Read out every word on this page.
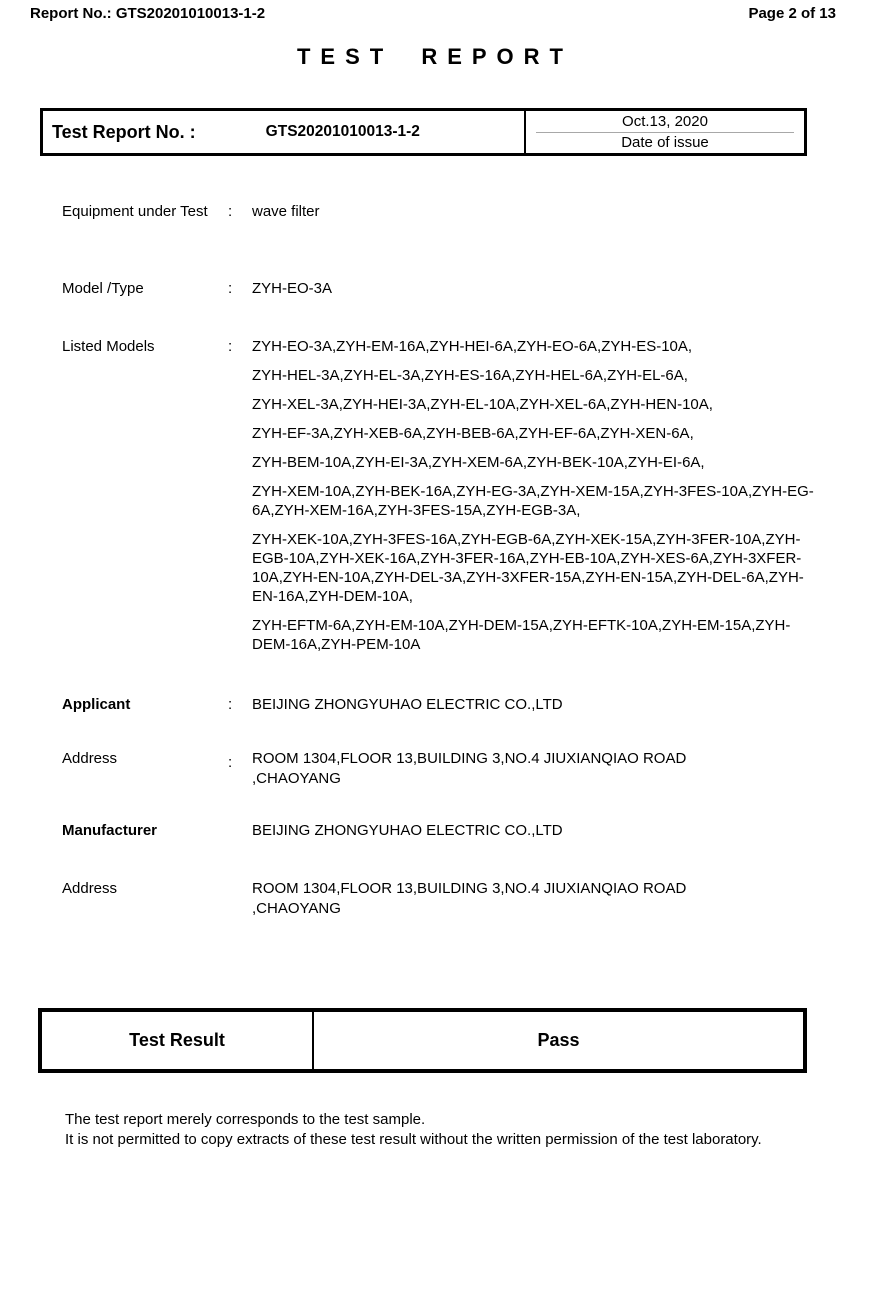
Report No.: GTS20201010013-1-2	Page 2 of 13
TEST REPORT
Test Report No. :	GTS20201010013-1-2
Oct.13, 2020
Date of issue
Equipment under Test	: wave filter
Model /Type	: ZYH-EO-3A
Listed Models	: ZYH-EO-3A,ZYH-EM-16A,ZYH-HEI-6A,ZYH-EO-6A,ZYH-ES-10A,

ZYH-HEL-3A,ZYH-EL-3A,ZYH-ES-16A,ZYH-HEL-6A,ZYH-EL-6A,

ZYH-XEL-3A,ZYH-HEI-3A,ZYH-EL-10A,ZYH-XEL-6A,ZYH-HEN-10A,

ZYH-EF-3A,ZYH-XEB-6A,ZYH-BEB-6A,ZYH-EF-6A,ZYH-XEN-6A,

ZYH-BEM-10A,ZYH-EI-3A,ZYH-XEM-6A,ZYH-BEK-10A,ZYH-EI-6A,

ZYH-XEM-10A,ZYH-BEK-16A,ZYH-EG-3A,ZYH-XEM-15A,ZYH-3FES-10A,ZYH-EG-6A,ZYH-XEM-16A,ZYH-3FES-15A,ZYH-EGB-3A,

ZYH-XEK-10A,ZYH-3FES-16A,ZYH-EGB-6A,ZYH-XEK-15A,ZYH-3FER-10A,ZYH-EGB-10A,ZYH-XEK-16A,ZYH-3FER-16A,ZYH-EB-10A,ZYH-XES-6A,ZYH-3XFER-10A,ZYH-EN-10A,ZYH-DEL-3A,ZYH-3XFER-15A,ZYH-EN-15A,ZYH-DEL-6A,ZYH-EN-16A,ZYH-DEM-10A,

ZYH-EFTM-6A,ZYH-EM-10A,ZYH-DEM-15A,ZYH-EFTK-10A,ZYH-EM-15A,ZYH-DEM-16A,ZYH-PEM-10A

Applicant	: BEIJING ZHONGYUHAO ELECTRIC CO.,LTD
Address	: ROOM 1304,FLOOR 13,BUILDING 3,NO.4 JIUXIANQIAO ROAD ,CHAOYANG
Manufacturer	BEIJING ZHONGYUHAO ELECTRIC CO.,LTD
Address	ROOM 1304,FLOOR 13,BUILDING 3,NO.4 JIUXIANQIAO ROAD ,CHAOYANG
Test Result	Pass

The test report merely corresponds to the test sample.

It is not permitted to copy extracts of these test result without the written permission of the test laboratory.
